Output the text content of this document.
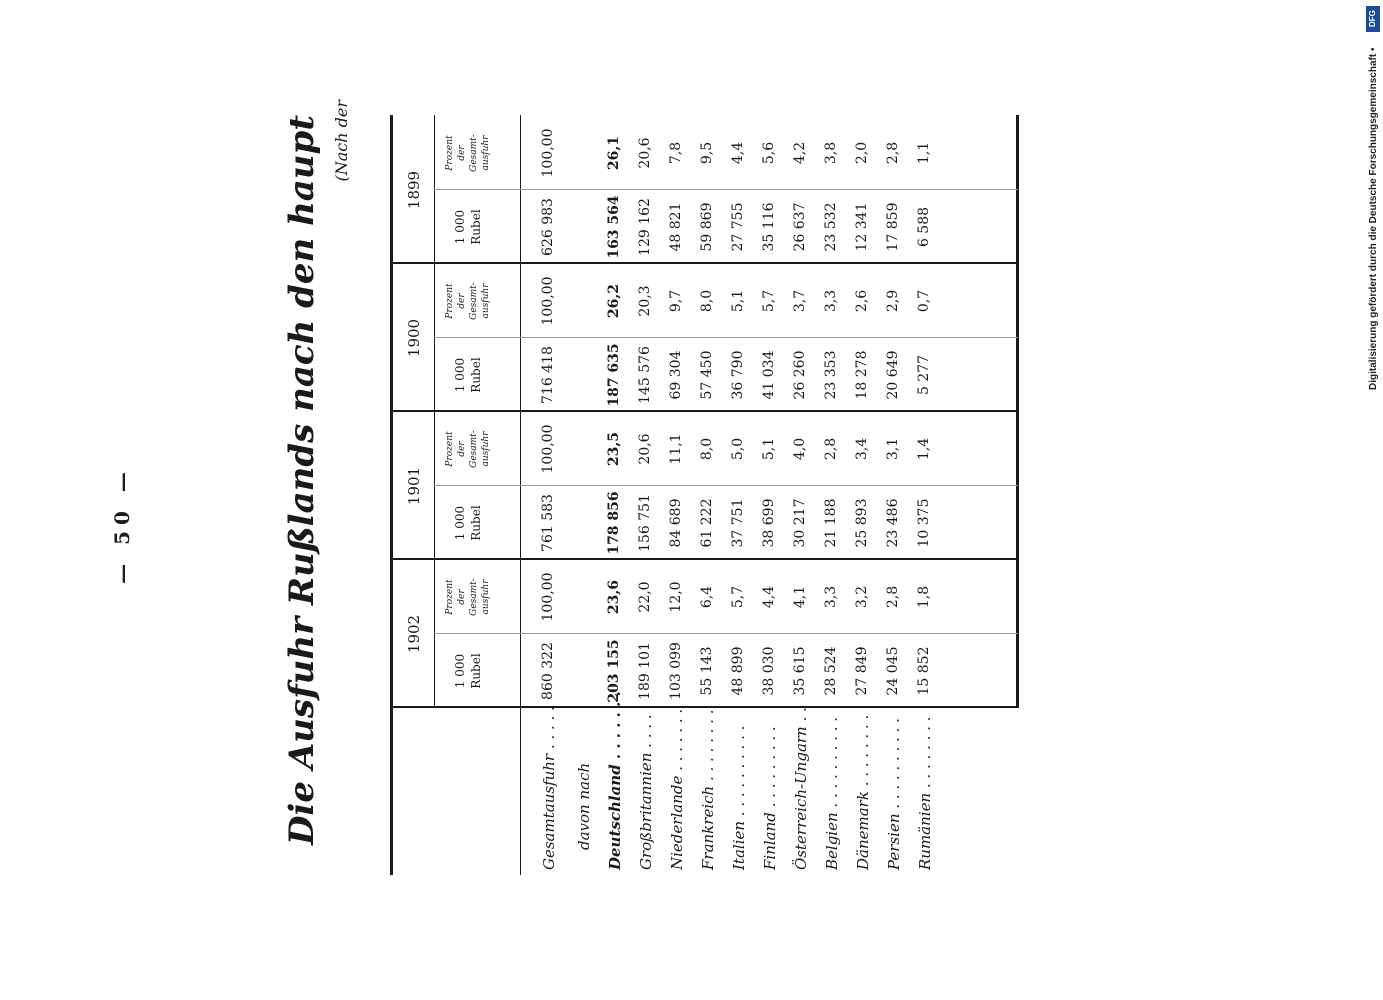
— 50 —	Die Ausfuhr Rußlands nach den haupt (Nach der
1902
1901
1900
1899
1 000 Rubel
Prozent der Gesamt- ausfuhr
1 000 Rubel
Prozent der Gesamt- ausfuhr
1 000 Rubel
Prozent der Gesamt- ausfuhr
1 000 Rubel
Prozent der Gesamt- ausfuhr
Gesamtausfuhr . . . . .
860 322
100,00
761 583
100,00
716 418
100,00
626 983
100,00
davon nach Deutschland . . . . . . .
203 155
23,6
178 856
23,5
187 635
26,2
163 564
26,1
Großbritannien . . . .
189 101
22,0
156 751
20,6
145 576
20,3
129 162
20,6
Niederlande . . . . . . .
103 099
12,0
84 689
11,1
69 304
9,7
48 821
7,8
Frankreich . . . . . . . .
55 143
6,4
61 222
8,0
57 450
8,0
59 869
9,5
Italien . . . . . . . . . .
48 899
5,7
37 751
5,0
36 790
5,1
27 755
4,4
Finland . . . . . . . . .
38 030
4,4
38 699
5,1
41 034
5,7
35 116
5,6
Österreich-Ungarn . .
35 615
4,1
30 217
4,0
26 260
3,7
26 637
4,2
Belgien . . . . . . . . . .
28 524
3,3
21 188
2,8
23 353
3,3
23 532
3,8
Dänemark . . . . . . . .
27 849
3,2
25 893
3,4
18 278
2,6
12 341
2,0
Persien . . . . . . . . . .
24 045
2,8
23 486
3,1
20 649
2,9
17 859
2,8
Rumänien . . . . . . . .
15 852
1,8
10 375
1,4
5 277
0,7
6 588
1,1
DFG
Digitalisierung gefördert durch die Deutsche Forschungsgemeinschaft •
